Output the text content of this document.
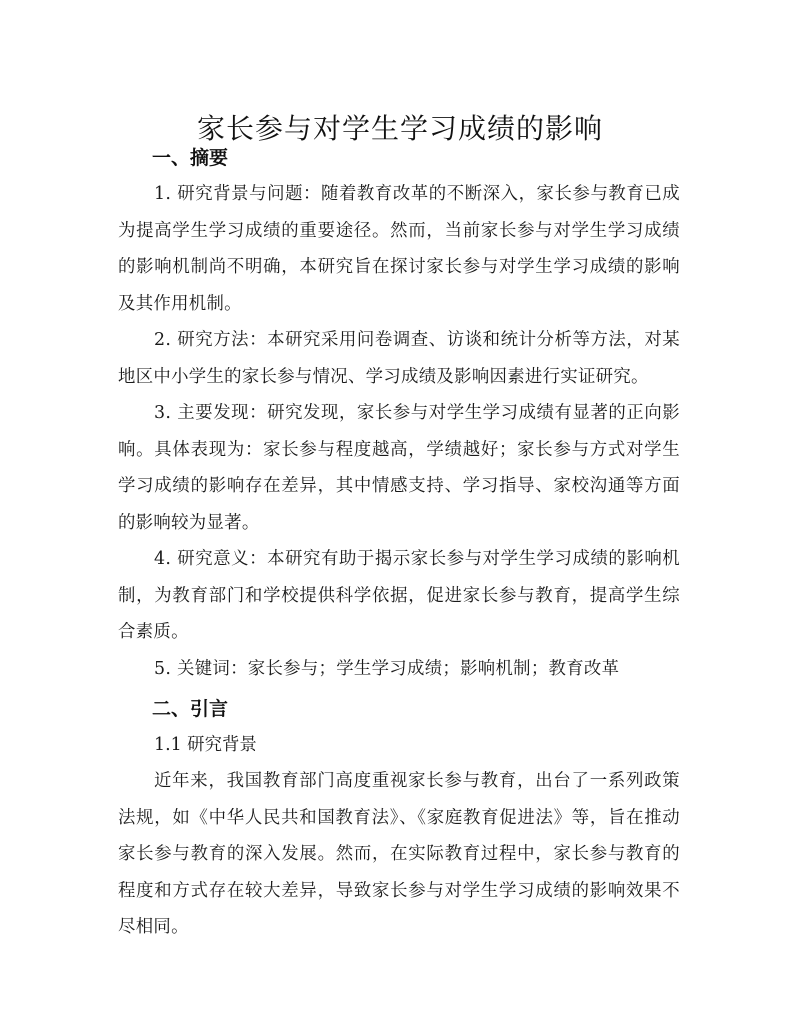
家长参与对学生学习成绩的影响
一、摘要

1. 研究背景与问题：随着教育改革的不断深入，家长参与教育已成为提高学生学习成绩的重要途径。然而，当前家长参与对学生学习成绩的影响机制尚不明确，本研究旨在探讨家长参与对学生学习成绩的影响及其作用机制。

2. 研究方法：本研究采用问卷调查、访谈和统计分析等方法，对某地区中小学生的家长参与情况、学习成绩及影响因素进行实证研究。

3. 主要发现：研究发现，家长参与对学生学习成绩有显著的正向影响。具体表现为：家长参与程度越高，学绩越好；家长参与方式对学生学习成绩的影响存在差异，其中情感支持、学习指导、家校沟通等方面的影响较为显著。

4. 研究意义：本研究有助于揭示家长参与对学生学习成绩的影响机制，为教育部门和学校提供科学依据，促进家长参与教育，提高学生综合素质。

5. 关键词：家长参与；学生学习成绩；影响机制；教育改革

二、引言
1.1 研究背景

近年来，我国教育部门高度重视家长参与教育，出台了一系列政策法规，如《中华人民共和国教育法》、《家庭教育促进法》等，旨在推动家长参与教育的深入发展。然而，在实际教育过程中，家长参与教育的程度和方式存在较大差异，导致家长参与对学生学习成绩的影响效果不尽相同。
